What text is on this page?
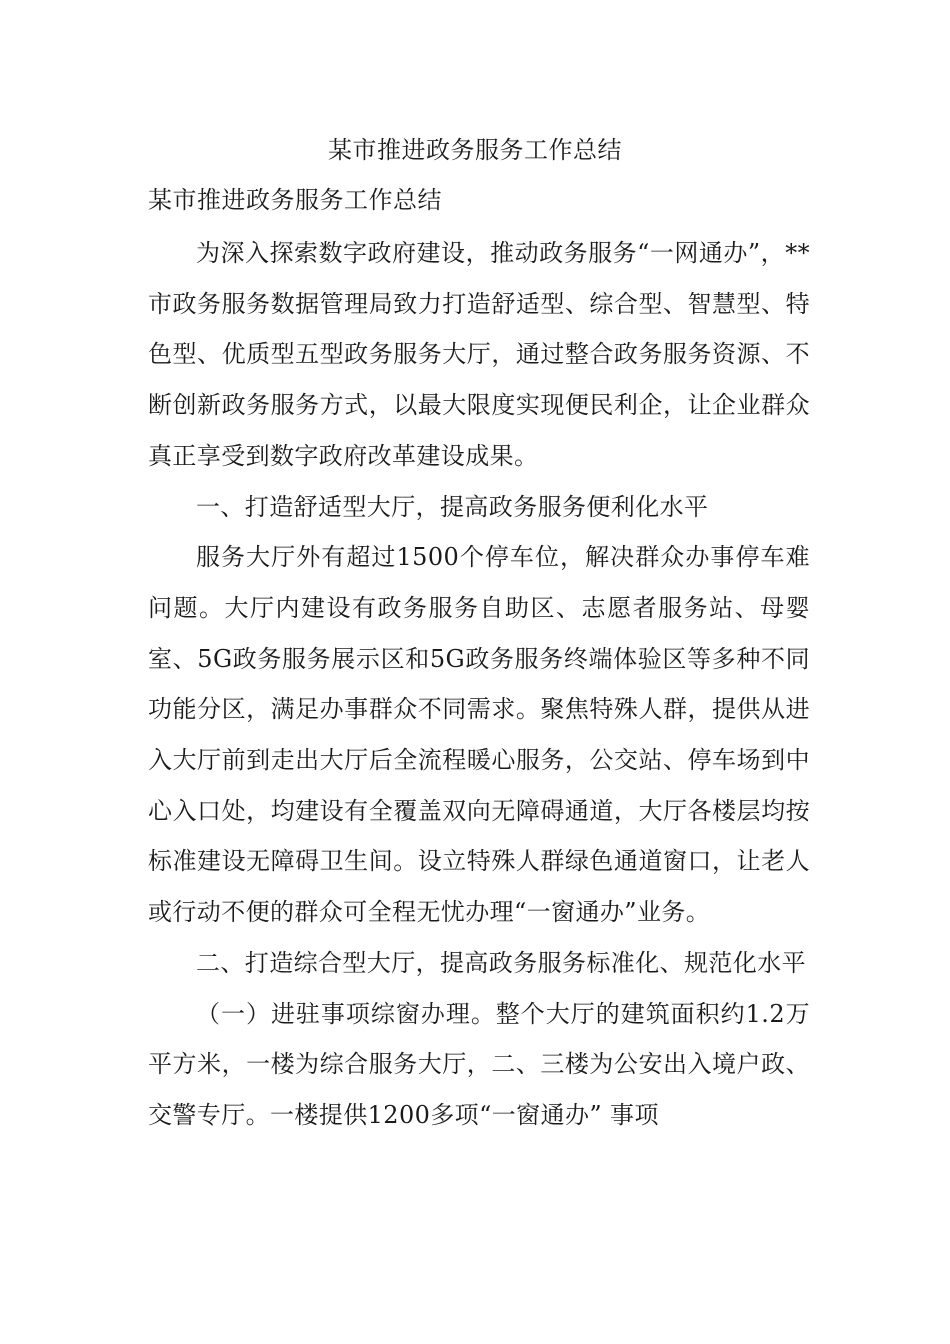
某市推进政务服务工作总结
某市推进政务服务工作总结

为深入探索数字政府建设，推动政务服务“一网通办”，**市政务服务数据管理局致力打造舒适型、综合型、智慧型、特色型、优质型五型政务服务大厅，通过整合政务服务资源、不断创新政务服务方式，以最大限度实现便民利企，让企业群众真正享受到数字政府改革建设成果。

一、打造舒适型大厅，提高政务服务便利化水平

服务大厅外有超过1500个停车位，解决群众办事停车难问题。大厅内建设有政务服务自助区、志愿者服务站、母婴室、5G政务服务展示区和5G政务服务终端体验区等多种不同功能分区，满足办事群众不同需求。聚焦特殊人群，提供从进入大厅前到走出大厅后全流程暖心服务，公交站、停车场到中心入口处，均建设有全覆盖双向无障碍通道，大厅各楼层均按标准建设无障碍卫生间。设立特殊人群绿色通道窗口，让老人或行动不便的群众可全程无忧办理“一窗通办”业务。

二、打造综合型大厅，提高政务服务标准化、规范化水平

（一）进驻事项综窗办理。整个大厅的建筑面积约1.2万平方米，一楼为综合服务大厅，二、三楼为公安出入境户政、交警专厅。一楼提供1200多项“一窗通办” 事项
